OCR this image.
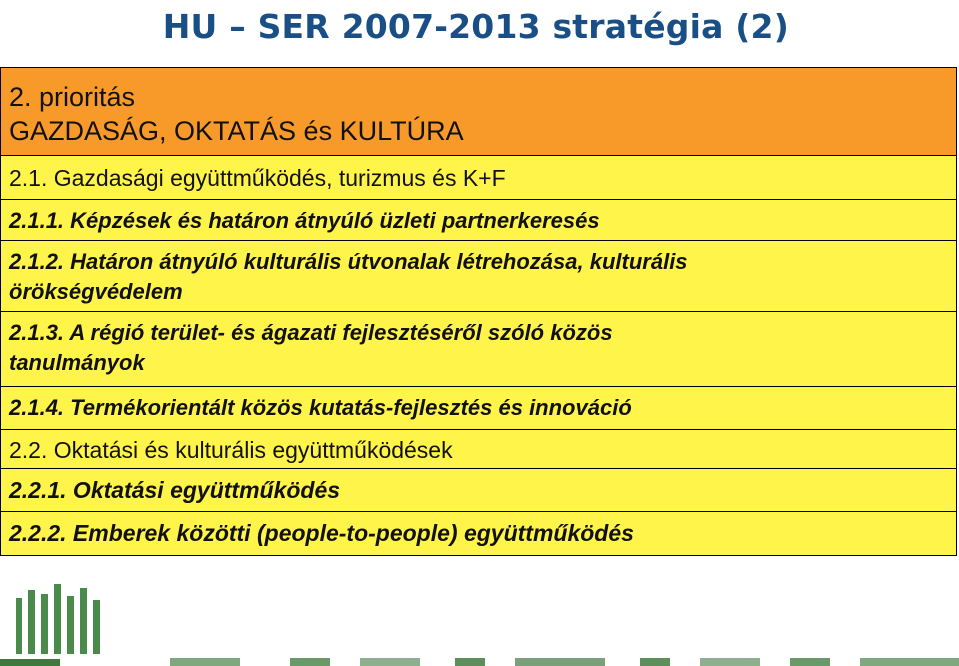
HU – SER 2007-2013 stratégia (2)
2. prioritás
GAZDASÁG, OKTATÁS és KULTÚRA
2.1. Gazdasági együttműködés, turizmus és K+F
2.1.1. Képzések és határon átnyúló üzleti partnerkeresés
2.1.2. Határon átnyúló kulturális útvonalak létrehozása, kulturális
örökségvédelem
2.1.3. A régió terület- és ágazati fejlesztéséről szóló közös
tanulmányok
2.1.4. Termékorientált közös kutatás-fejlesztés és innováció
2.2. Oktatási és kulturális együttműködések
2.2.1. Oktatási együttműködés
2.2.2. Emberek közötti (people-to-people) együttműködés
